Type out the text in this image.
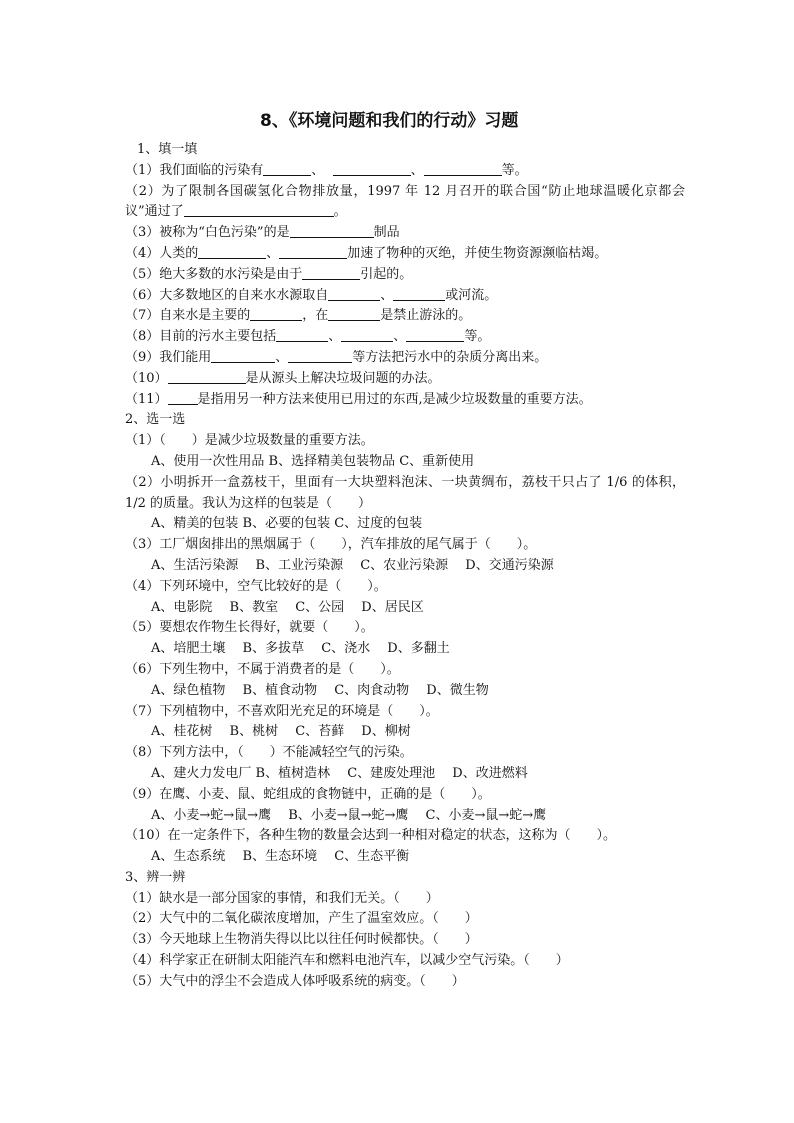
8、《环境问题和我们的行动》习题

1、填一填

（1）我们面临的污染有	、	、	等。

（2）为了限制各国碳氢化合物排放量，1997 年 12 月召开的联合国“防止地球温暖化京都会议”通过了	。

（3）被称为“白色污染”的是	制品

（4）人类的	、	加速了物种的灭绝，并使生物资源濒临枯竭。

（5）绝大多数的水污染是由于	引起的。

（6）大多数地区的自来水水源取自	、	或河流。

（7）自来水是主要的	，在	是禁止游泳的。

（8）目前的污水主要包括	、	、	等。

（9）我们能用	、	等方法把污水中的杂质分离出来。

（10）	是从源头上解决垃圾问题的办法。

（11） 是指用另一种方法来使用已用过的东西,是减少垃圾数量的重要方法。

2、选一选

（1）（　　）是减少垃圾数量的重要方法。

A、使用一次性用品 B、选择精美包装物品 C、重新使用

（2）小明拆开一盒荔枝干，里面有一大块塑料泡沫、一块黄绸布，荔枝干只占了 1/6 的体积，1/2 的质量。我认为这样的包装是（　　）

A、精美的包装 B、必要的包装 C、过度的包装

（3）工厂烟囱排出的黑烟属于（　　），汽车排放的尾气属于（　　）。

A、生活污染源　 B、工业污染源　 C、农业污染源　 D、交通污染源

（4）下列环境中，空气比较好的是（　　）。

A、电影院　 B、教室　 C、公园　 D、居民区

（5）要想农作物生长得好，就要（　　）。

A、培肥土壤　 B、多拔草　 C、浇水　 D、多翻土

（6）下列生物中，不属于消费者的是（　　）。

A、绿色植物　 B、植食动物　 C、肉食动物　 D、微生物

（7）下列植物中，不喜欢阳光充足的环境是（　　）。

A、桂花树　 B、桃树　 C、苔藓　 D、柳树

（8）下列方法中，（　　）不能减轻空气的污染。

A、建火力发电厂 B、植树造林　 C、建废处理池　 D、改进燃料

（9）在鹰、小麦、鼠、蛇组成的食物链中，正确的是（　　）。

A、小麦→蛇→鼠→鹰　 B、小麦→鼠→蛇→鹰　 C、小麦→鼠→蛇→鹰

（10）在一定条件下，各种生物的数量会达到一种相对稳定的状态，这称为（　　）。

A、生态系统　 B、生态环境　 C、生态平衡

3、辨一辨

（1）缺水是一部分国家的事情，和我们无关。（　　）

（2）大气中的二氧化碳浓度增加，产生了温室效应。（　　）

（3）今天地球上生物消失得以比以往任何时候都快。（　　）

（4）科学家正在研制太阳能汽车和燃料电池汽车，以减少空气污染。（　　）

（5）大气中的浮尘不会造成人体呼吸系统的病变。（　　）
